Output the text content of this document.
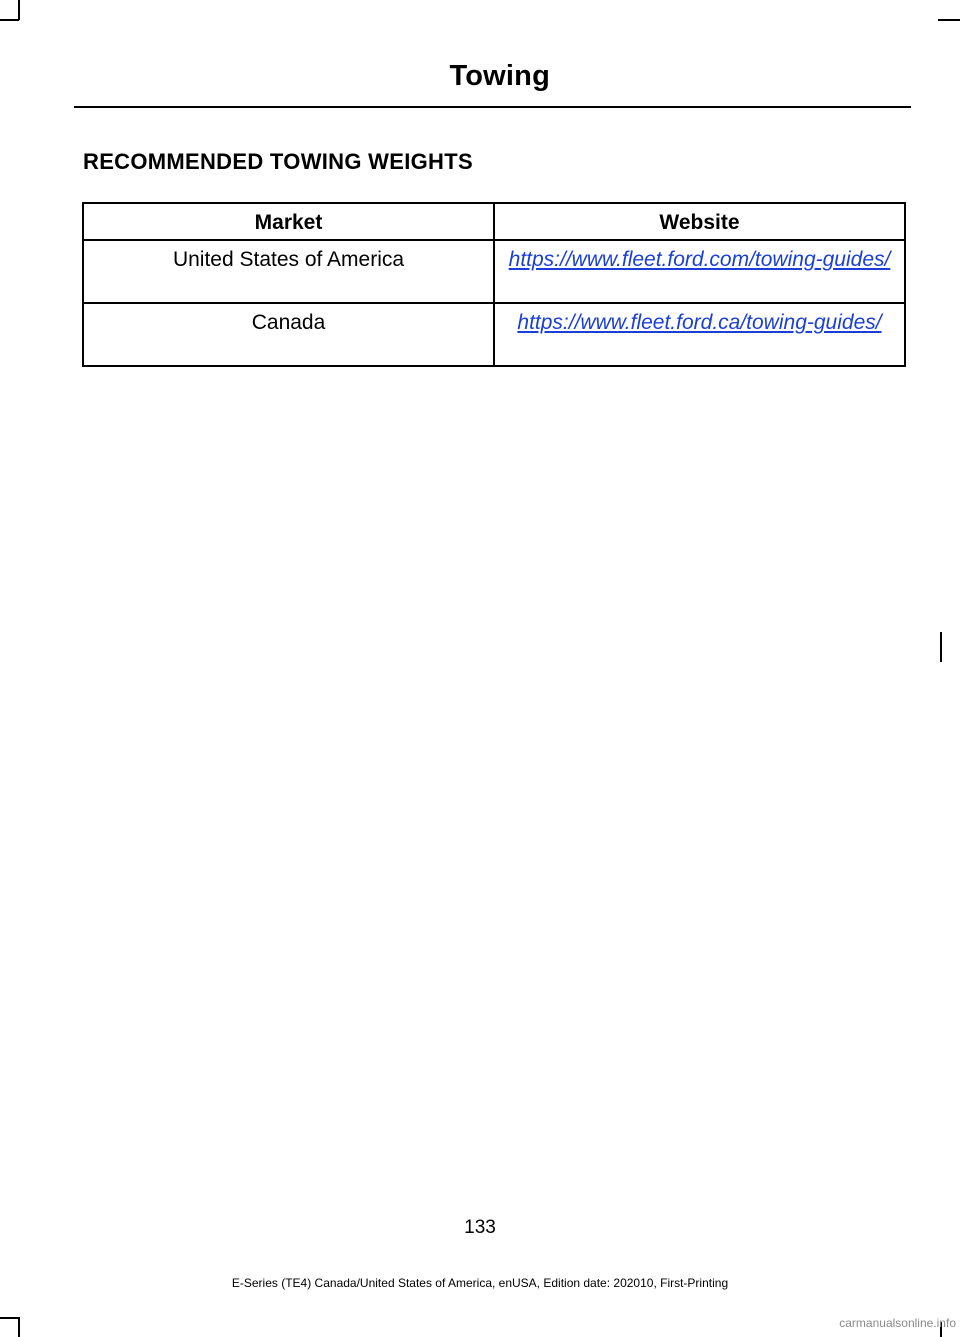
Towing
RECOMMENDED TOWING WEIGHTS
Market	Website
United States of America	https://www.fleet.ford.com/towing-guides/
Canada	https://www.fleet.ford.ca/towing-guides/
133
E-Series (TE4) Canada/United States of America, enUSA, Edition date: 202010, First-Printing
carmanualsonline.info
